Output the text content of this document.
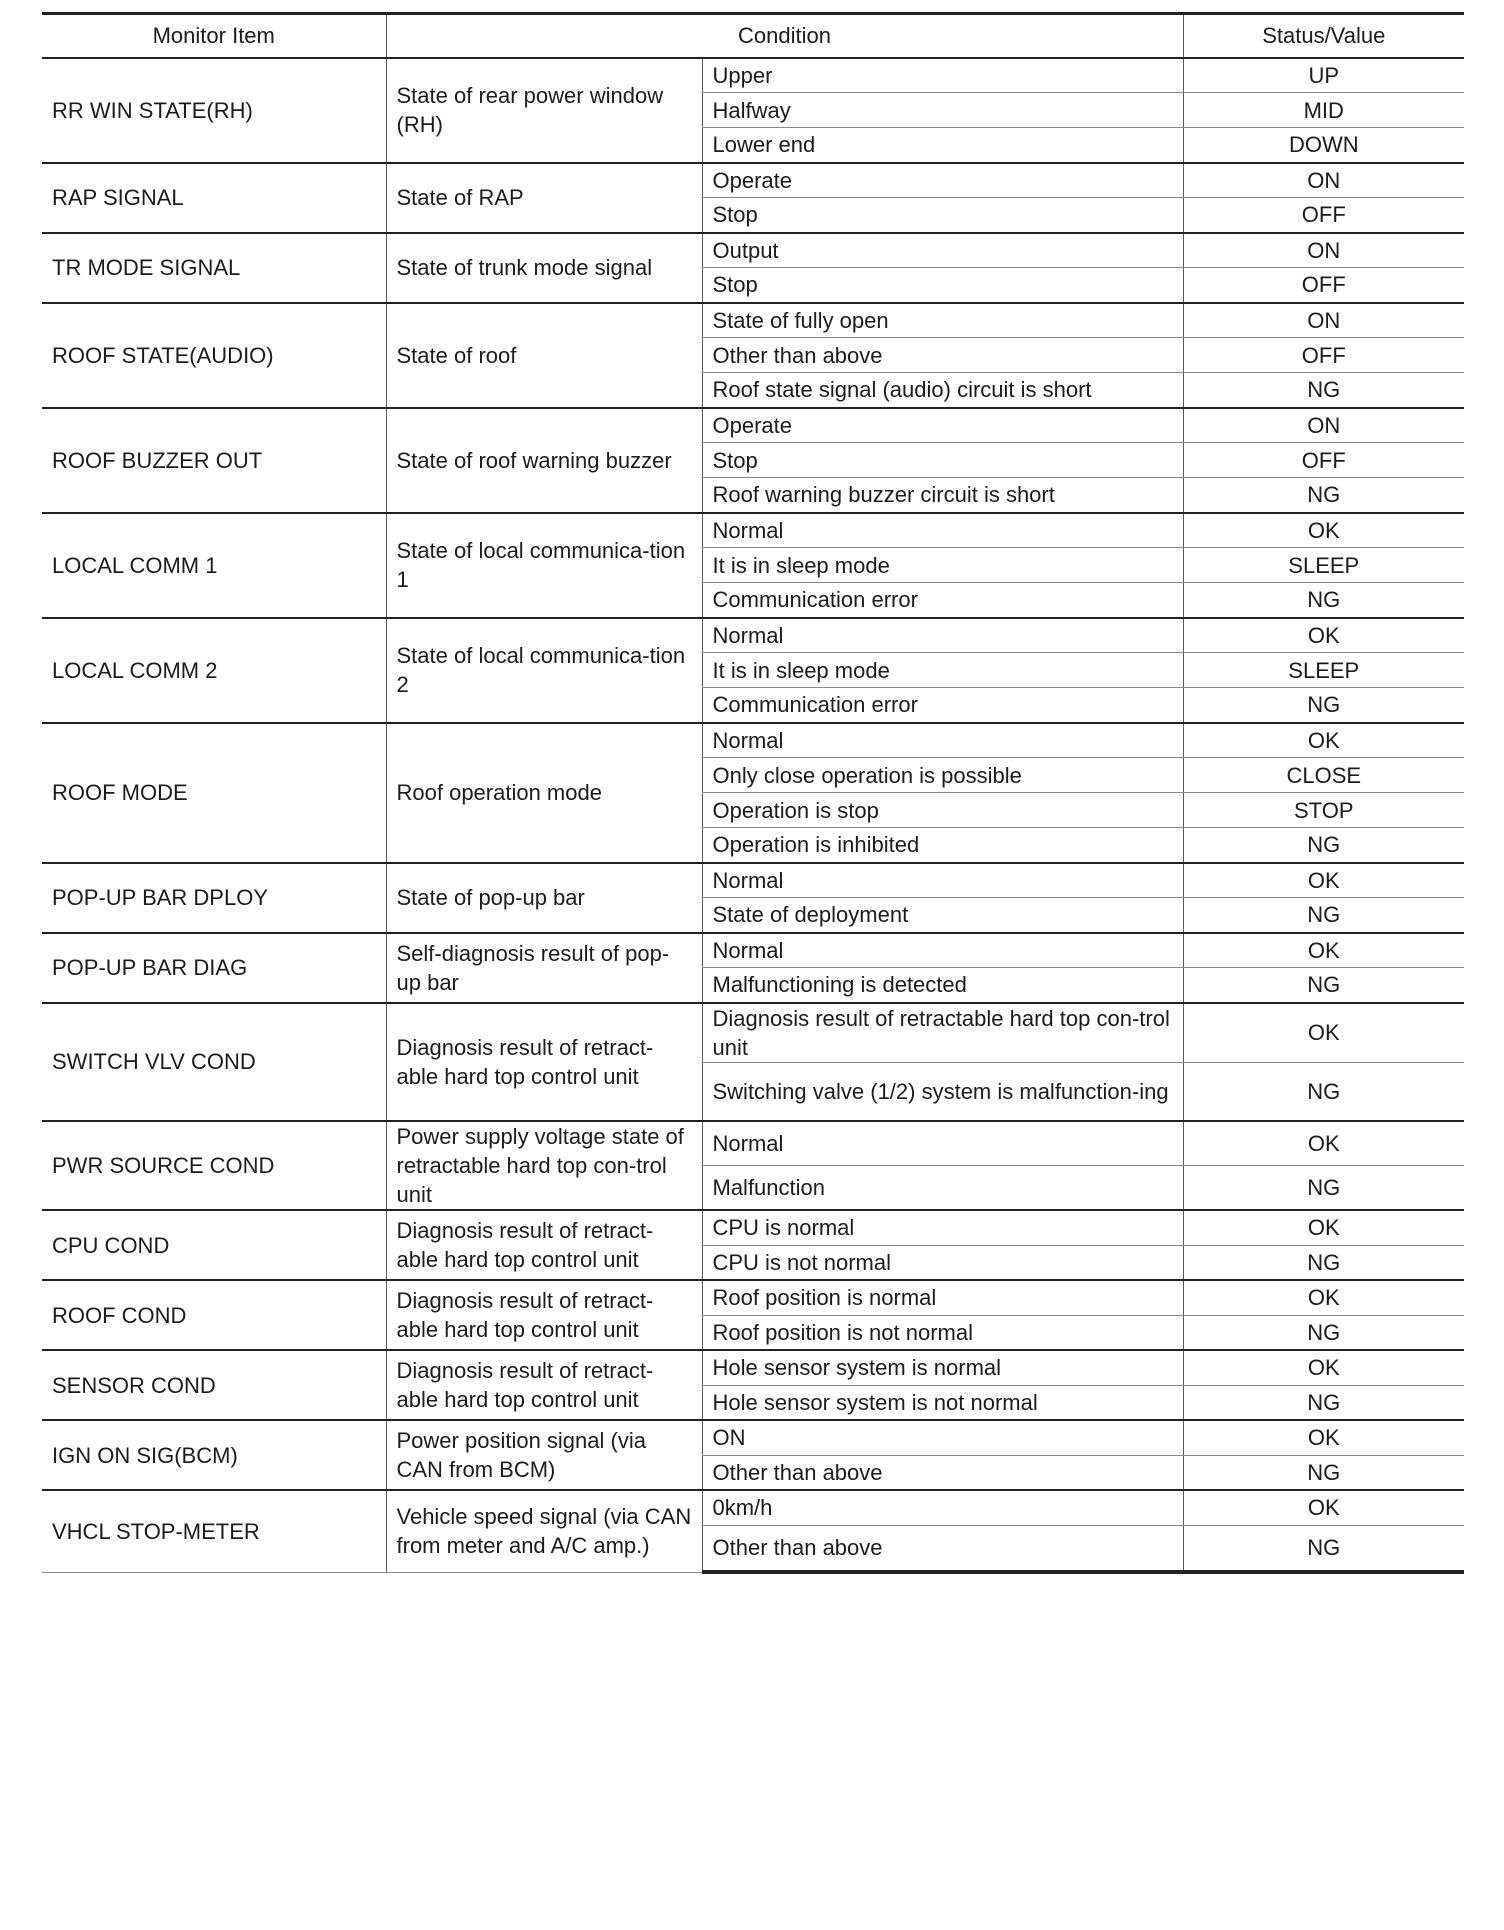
Monitor Item	Condition		Status/Value
RR WIN STATE(RH)	State of rear power window (RH)	Upper	UP
		Halfway	MID
		Lower end	DOWN
RAP SIGNAL	State of RAP	Operate	ON
		Stop	OFF
TR MODE SIGNAL	State of trunk mode signal	Output	ON
		Stop	OFF
ROOF STATE(AUDIO)	State of roof	State of fully open	ON
		Other than above	OFF
		Roof state signal (audio) circuit is short	NG
ROOF BUZZER OUT	State of roof warning buzzer	Operate	ON
		Stop	OFF
		Roof warning buzzer circuit is short	NG
LOCAL COMM 1	State of local communica-tion 1	Normal	OK
		It is in sleep mode	SLEEP
		Communication error	NG
LOCAL COMM 2	State of local communica-tion 2	Normal	OK
		It is in sleep mode	SLEEP
		Communication error	NG
ROOF MODE	Roof operation mode	Normal	OK
		Only close operation is possible	CLOSE
		Operation is stop	STOP
		Operation is inhibited	NG
POP-UP BAR DPLOY	State of pop-up bar	Normal	OK
		State of deployment	NG
POP-UP BAR DIAG	Self-diagnosis result of pop-up bar	Normal	OK
		Malfunctioning is detected	NG
SWITCH VLV COND	Diagnosis result of retract-able hard top control unit	Diagnosis result of retractable hard top con-trol unit	OK
		Switching valve (1/2) system is malfunction-ing	NG
PWR SOURCE COND	Power supply voltage state of retractable hard top con-trol unit	Normal	OK
		Malfunction	NG
CPU COND	Diagnosis result of retract-able hard top control unit	CPU is normal	OK
		CPU is not normal	NG
ROOF COND	Diagnosis result of retract-able hard top control unit	Roof position is normal	OK
		Roof position is not normal	NG
SENSOR COND	Diagnosis result of retract-able hard top control unit	Hole sensor system is normal	OK
		Hole sensor system is not normal	NG
IGN ON SIG(BCM)	Power position signal (via CAN from BCM)	ON	OK
		Other than above	NG
VHCL STOP-METER	Vehicle speed signal (via CAN from meter and A/C amp.)	0km/h	OK
		Other than above	NG
